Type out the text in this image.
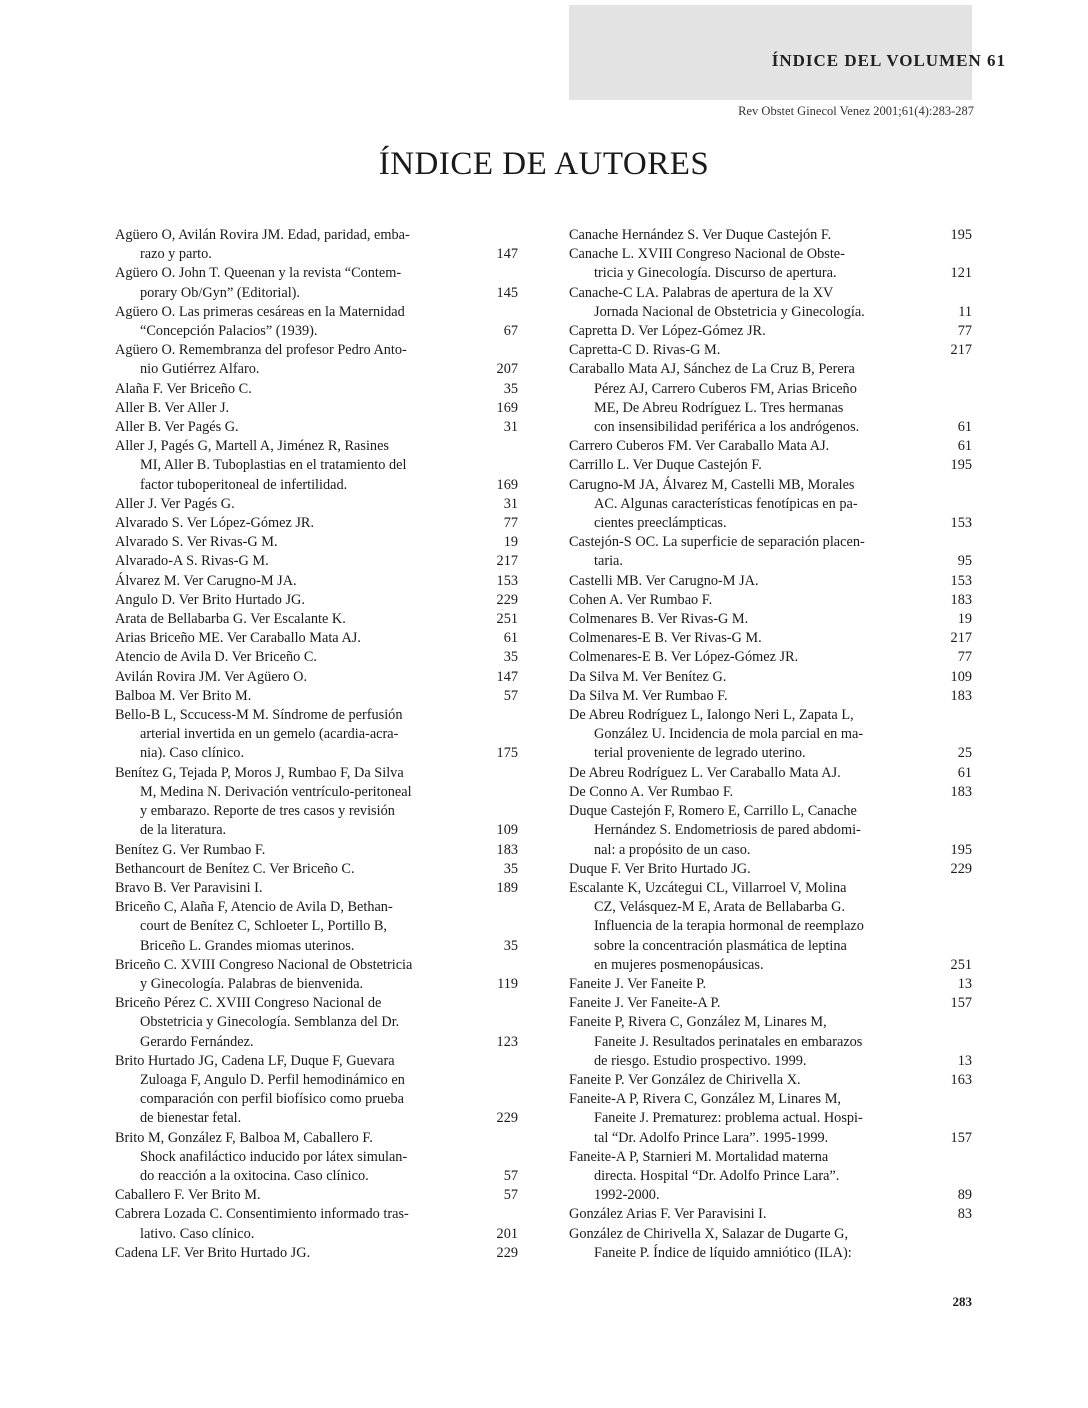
ÍNDICE DEL VOLUMEN 61
Rev Obstet Ginecol Venez 2001;61(4):283-287
ÍNDICE DE AUTORES
Agüero O, Avilán Rovira JM. Edad, paridad, emba-
razo y parto.	147
Agüero O. John T. Queenan y la revista “Contem-
porary Ob/Gyn” (Editorial).	145
Agüero O. Las primeras cesáreas en la Maternidad
“Concepción Palacios” (1939).	67
Agüero O. Remembranza del profesor Pedro Anto-
nio Gutiérrez Alfaro.	207
Alaña F. Ver Briceño C.	35
Aller B. Ver Aller J.	169
Aller B. Ver Pagés G.	31
Aller J, Pagés G, Martell A, Jiménez R, Rasines
MI, Aller B. Tuboplastias en el tratamiento del
factor tuboperitoneal de infertilidad.	169
Aller J. Ver Pagés G.	31
Alvarado S. Ver López-Gómez JR.	77
Alvarado S. Ver Rivas-G M.	19
Alvarado-A S. Rivas-G M.	217
Álvarez M. Ver Carugno-M JA.	153
Angulo D. Ver Brito Hurtado JG.	229
Arata de Bellabarba G. Ver Escalante K.	251
Arias Briceño ME. Ver Caraballo Mata AJ.	61
Atencio de Avila D. Ver Briceño C.	35
Avilán Rovira JM. Ver Agüero O.	147
Balboa M. Ver Brito M.	57
Bello-B L, Sccucess-M M. Síndrome de perfusión
arterial invertida en un gemelo (acardia-acra-
nia). Caso clínico.	175
Benítez G, Tejada P, Moros J, Rumbao F, Da Silva
M, Medina N. Derivación ventrículo-peritoneal
y embarazo. Reporte de tres casos y revisión
de la literatura.	109
Benítez G. Ver Rumbao F.	183
Bethancourt de Benítez C. Ver Briceño C.	35
Bravo B. Ver Paravisini I.	189
Briceño C, Alaña F, Atencio de Avila D, Bethan-
court de Benítez C, Schloeter L, Portillo B,
Briceño L. Grandes miomas uterinos.	35
Briceño C. XVIII Congreso Nacional de Obstetricia
y Ginecología. Palabras de bienvenida.	119
Briceño Pérez C. XVIII Congreso Nacional de
Obstetricia y Ginecología. Semblanza del Dr.
Gerardo Fernández.	123
Brito Hurtado JG, Cadena LF, Duque F, Guevara
Zuloaga F, Angulo D. Perfil hemodinámico en
comparación con perfil biofísico como prueba
de bienestar fetal.	229
Brito M, González F, Balboa M, Caballero F.
Shock anafiláctico inducido por látex simulan-
do reacción a la oxitocina. Caso clínico.	57
Caballero F. Ver Brito M.	57
Cabrera Lozada C. Consentimiento informado tras-
lativo. Caso clínico.	201
Cadena LF. Ver Brito Hurtado JG.	229
Canache Hernández S. Ver Duque Castejón F.	195
Canache L. XVIII Congreso Nacional de Obste-
tricia y Ginecología. Discurso de apertura.	121
Canache-C LA. Palabras de apertura de la XV
Jornada Nacional de Obstetricia y Ginecología.	11
Capretta D. Ver López-Gómez JR.	77
Capretta-C D. Rivas-G M.	217
Caraballo Mata AJ, Sánchez de La Cruz B, Perera
Pérez AJ, Carrero Cuberos FM, Arias Briceño
ME, De Abreu Rodríguez L. Tres hermanas
con insensibilidad periférica a los andrógenos.	61
Carrero Cuberos FM. Ver Caraballo Mata AJ.	61
Carrillo L. Ver Duque Castejón F.	195
Carugno-M JA, Álvarez M, Castelli MB, Morales
AC. Algunas características fenotípicas en pa-
cientes preeclámpticas.	153
Castejón-S OC. La superficie de separación placen-
taria.	95
Castelli MB. Ver Carugno-M JA.	153
Cohen A. Ver Rumbao F.	183
Colmenares B. Ver Rivas-G M.	19
Colmenares-E B. Ver Rivas-G M.	217
Colmenares-E B. Ver López-Gómez JR.	77
Da Silva M. Ver Benítez G.	109
Da Silva M. Ver Rumbao F.	183
De Abreu Rodríguez L, Ialongo Neri L, Zapata L,
González U. Incidencia de mola parcial en ma-
terial proveniente de legrado uterino.	25
De Abreu Rodríguez L. Ver Caraballo Mata AJ.	61
De Conno A. Ver Rumbao F.	183
Duque Castejón F, Romero E, Carrillo L, Canache
Hernández S. Endometriosis de pared abdomi-
nal: a propósito de un caso.	195
Duque F. Ver Brito Hurtado JG.	229
Escalante K, Uzcátegui CL, Villarroel V, Molina
CZ, Velásquez-M E, Arata de Bellabarba G.
Influencia de la terapia hormonal de reemplazo
sobre la concentración plasmática de leptina
en mujeres posmenopáusicas.	251
Faneite J. Ver Faneite P.	13
Faneite J. Ver Faneite-A P.	157
Faneite P, Rivera C, González M, Linares M,
Faneite J. Resultados perinatales en embarazos
de riesgo. Estudio prospectivo. 1999.	13
Faneite P. Ver González de Chirivella X.	163
Faneite-A P, Rivera C, González M, Linares M,
Faneite J. Prematurez: problema actual. Hospi-
tal “Dr. Adolfo Prince Lara”. 1995-1999.	157
Faneite-A P, Starnieri M. Mortalidad materna
directa. Hospital “Dr. Adolfo Prince Lara”.
1992-2000.	89
González Arias F. Ver Paravisini I.	83
González de Chirivella X, Salazar de Dugarte G,
Faneite P. Índice de líquido amniótico (ILA):
283
